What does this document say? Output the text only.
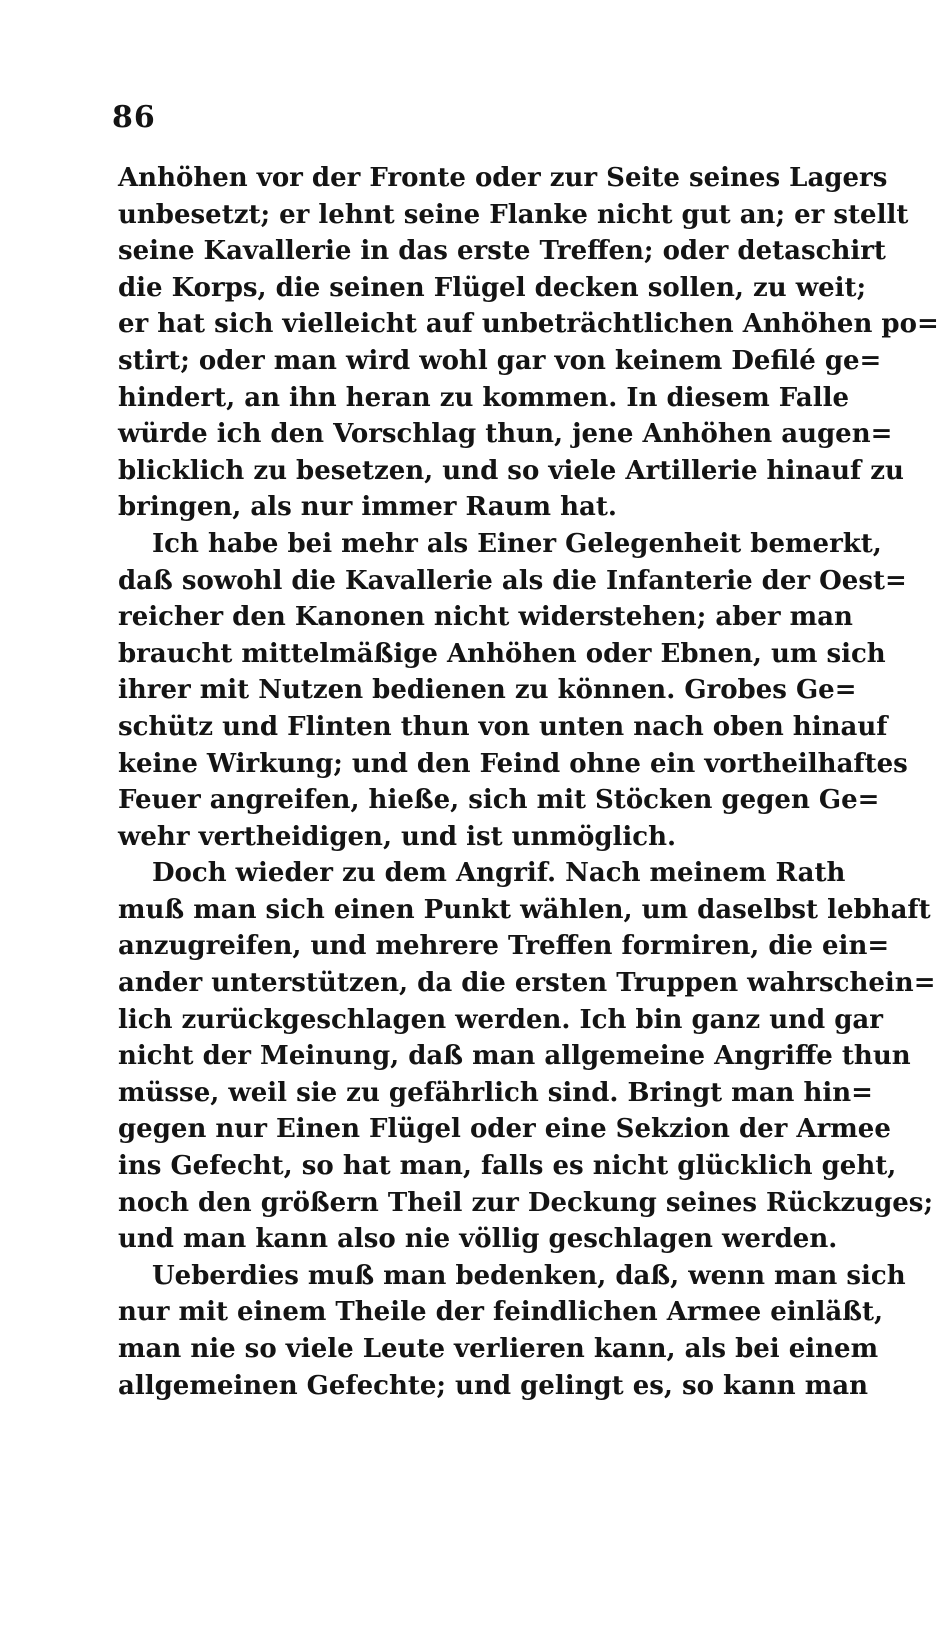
86
Anhöhen vor der Fronte oder zur Seite seines Lagers
unbesetzt; er lehnt seine Flanke nicht gut an; er stellt
seine Kavallerie in das erste Treffen; oder detaschirt
die Korps, die seinen Flügel decken sollen, zu weit;
er hat sich vielleicht auf unbeträchtlichen Anhöhen po=
stirt; oder man wird wohl gar von keinem Defilé ge=
hindert, an ihn heran zu kommen. In diesem Falle
würde ich den Vorschlag thun, jene Anhöhen augen=
blicklich zu besetzen, und so viele Artillerie hinauf zu
bringen, als nur immer Raum hat.
Ich habe bei mehr als Einer Gelegenheit bemerkt,
daß sowohl die Kavallerie als die Infanterie der Oest=
reicher den Kanonen nicht widerstehen; aber man
braucht mittelmäßige Anhöhen oder Ebnen, um sich
ihrer mit Nutzen bedienen zu können. Grobes Ge=
schütz und Flinten thun von unten nach oben hinauf
keine Wirkung; und den Feind ohne ein vortheilhaftes
Feuer angreifen, hieße, sich mit Stöcken gegen Ge=
wehr vertheidigen, und ist unmöglich.
Doch wieder zu dem Angrif. Nach meinem Rath
muß man sich einen Punkt wählen, um daselbst lebhaft
anzugreifen, und mehrere Treffen formiren, die ein=
ander unterstützen, da die ersten Truppen wahrschein=
lich zurückgeschlagen werden. Ich bin ganz und gar
nicht der Meinung, daß man allgemeine Angriffe thun
müsse, weil sie zu gefährlich sind. Bringt man hin=
gegen nur Einen Flügel oder eine Sekzion der Armee
ins Gefecht, so hat man, falls es nicht glücklich geht,
noch den größern Theil zur Deckung seines Rückzuges;
und man kann also nie völlig geschlagen werden.
Ueberdies muß man bedenken, daß, wenn man sich
nur mit einem Theile der feindlichen Armee einläßt,
man nie so viele Leute verlieren kann, als bei einem
allgemeinen Gefechte; und gelingt es, so kann man
